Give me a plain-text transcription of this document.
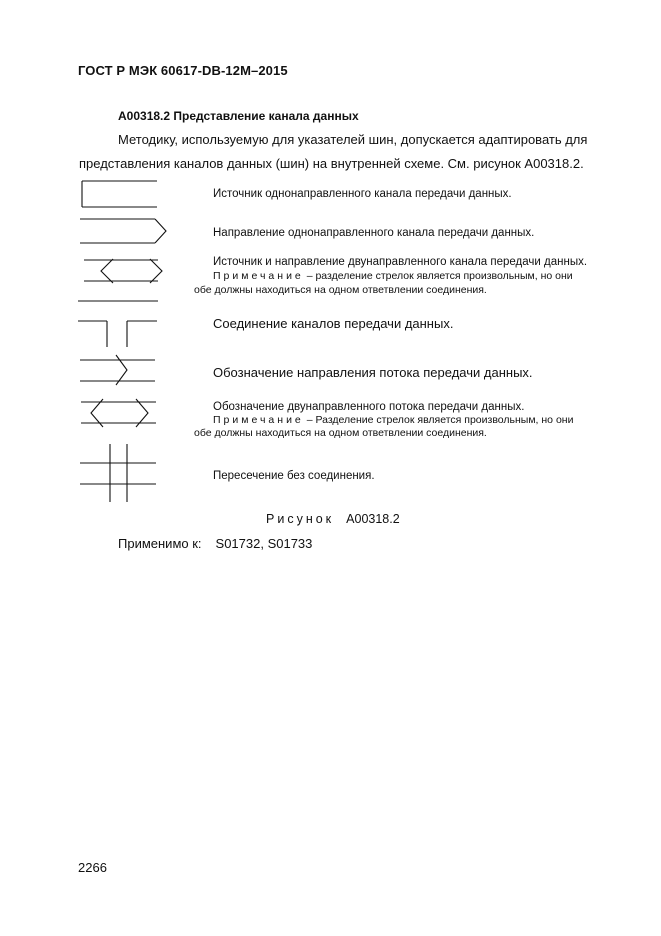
ГОСТ Р МЭК 60617-DB-12M–2015
A00318.2 Представление канала данных
Методику, используемую для указателей шин, допускается адаптировать для
представления каналов данных (шин) на внутренней схеме. См. рисунок A00318.2.
Источник однонаправленного канала передачи данных.
Направление однонаправленного канала передачи данных.
Источник и направление двунаправленного канала передачи данных.
Примечание – разделение стрелок является произвольным, но они
обе должны находиться на одном ответвлении соединения.
Соединение каналов передачи данных.
Обозначение направления потока передачи данных.
Обозначение двунаправленного потока передачи данных.
Примечание – Разделение стрелок является произвольным, но они
обе должны находиться на одном ответвлении соединения.
Пересечение без соединения.
Рисунок A00318.2
Применимо к: S01732, S01733
2266
